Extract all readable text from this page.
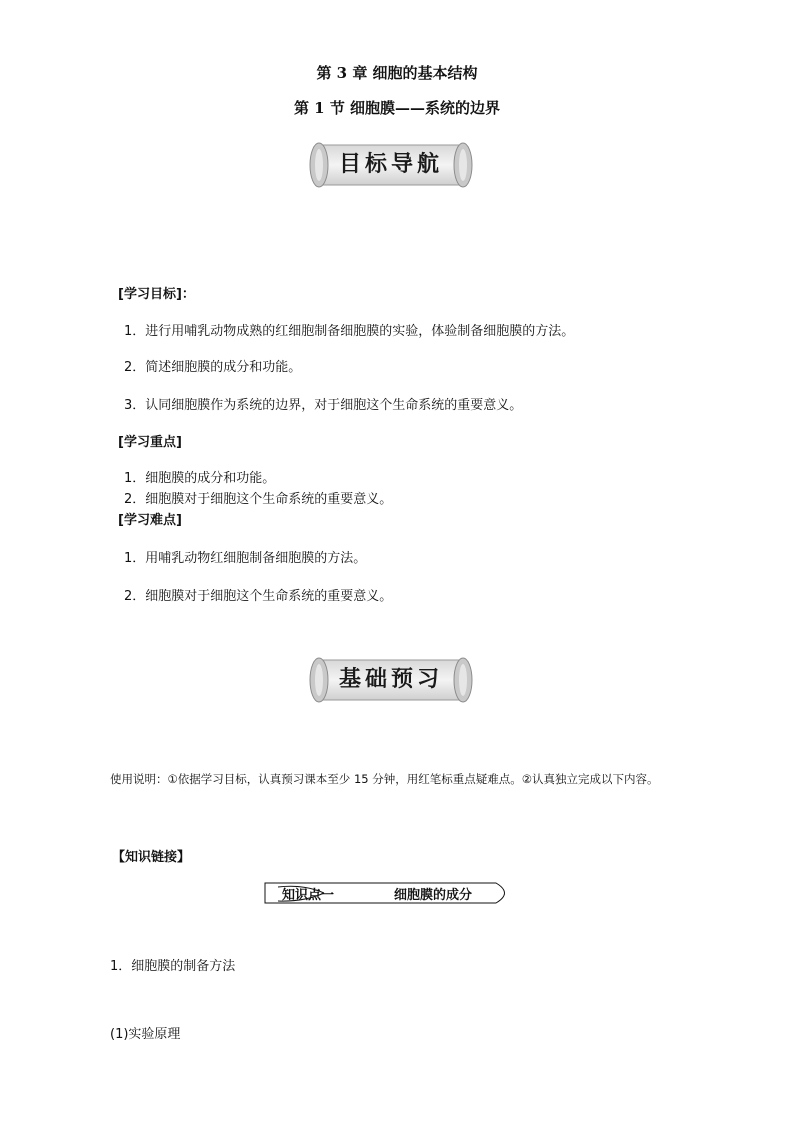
第 3 章 细胞的基本结构
第 1 节 细胞膜——系统的边界
目标导航
[学习目标]：
1．进行用哺乳动物成熟的红细胞制备细胞膜的实验，体验制备细胞膜的方法。
2．简述细胞膜的成分和功能。
3．认同细胞膜作为系统的边界，对于细胞这个生命系统的重要意义。
[学习重点]
1．细胞膜的成分和功能。
2．细胞膜对于细胞这个生命系统的重要意义。
[学习难点]
1．用哺乳动物红细胞制备细胞膜的方法。
2．细胞膜对于细胞这个生命系统的重要意义。
基础预习
使用说明：①依据学习目标，认真预习课本至少 15 分钟，用红笔标重点疑难点。②认真独立完成以下内容。
【知识链接】
知识点一	细胞膜的成分
1．细胞膜的制备方法
(1)实验原理
